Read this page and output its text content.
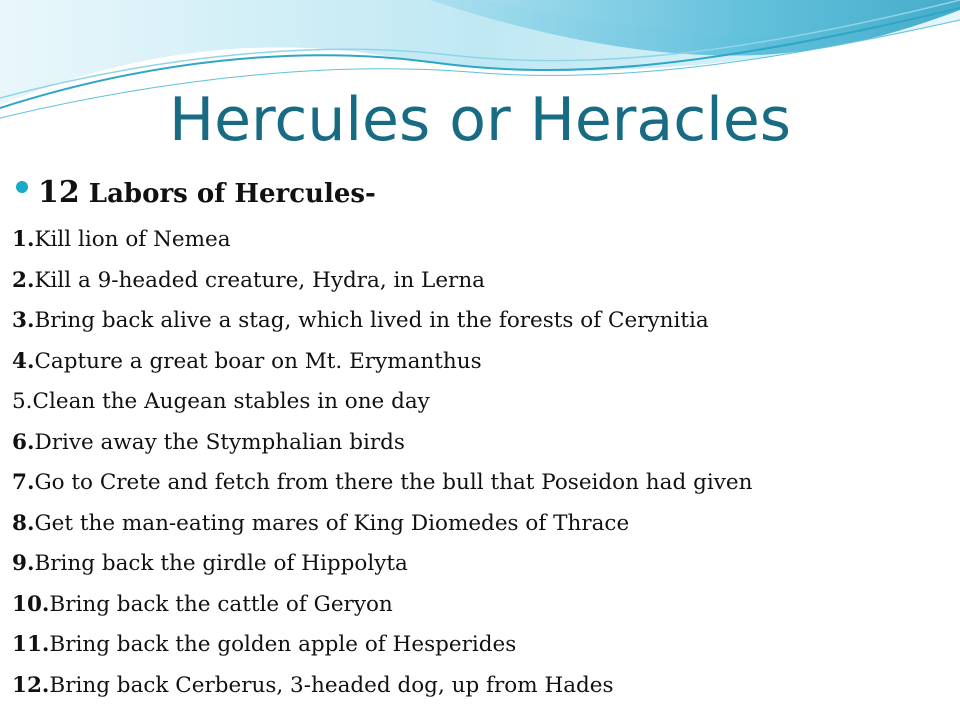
Hercules or Heracles
12 Labors of Hercules-
1.Kill lion of Nemea
2.Kill a 9-headed creature, Hydra, in Lerna
3.Bring back alive a stag, which lived in the forests of Cerynitia
4.Capture a great boar on Mt. Erymanthus
5.Clean the Augean stables in one day
6.Drive away the Stymphalian birds
7.Go to Crete and fetch from there the bull that Poseidon had given
8.Get the man-eating mares of King Diomedes of Thrace
9.Bring back the girdle of Hippolyta
10.Bring back the cattle of Geryon
11.Bring back the golden apple of Hesperides
12.Bring back Cerberus, 3-headed dog, up from Hades
